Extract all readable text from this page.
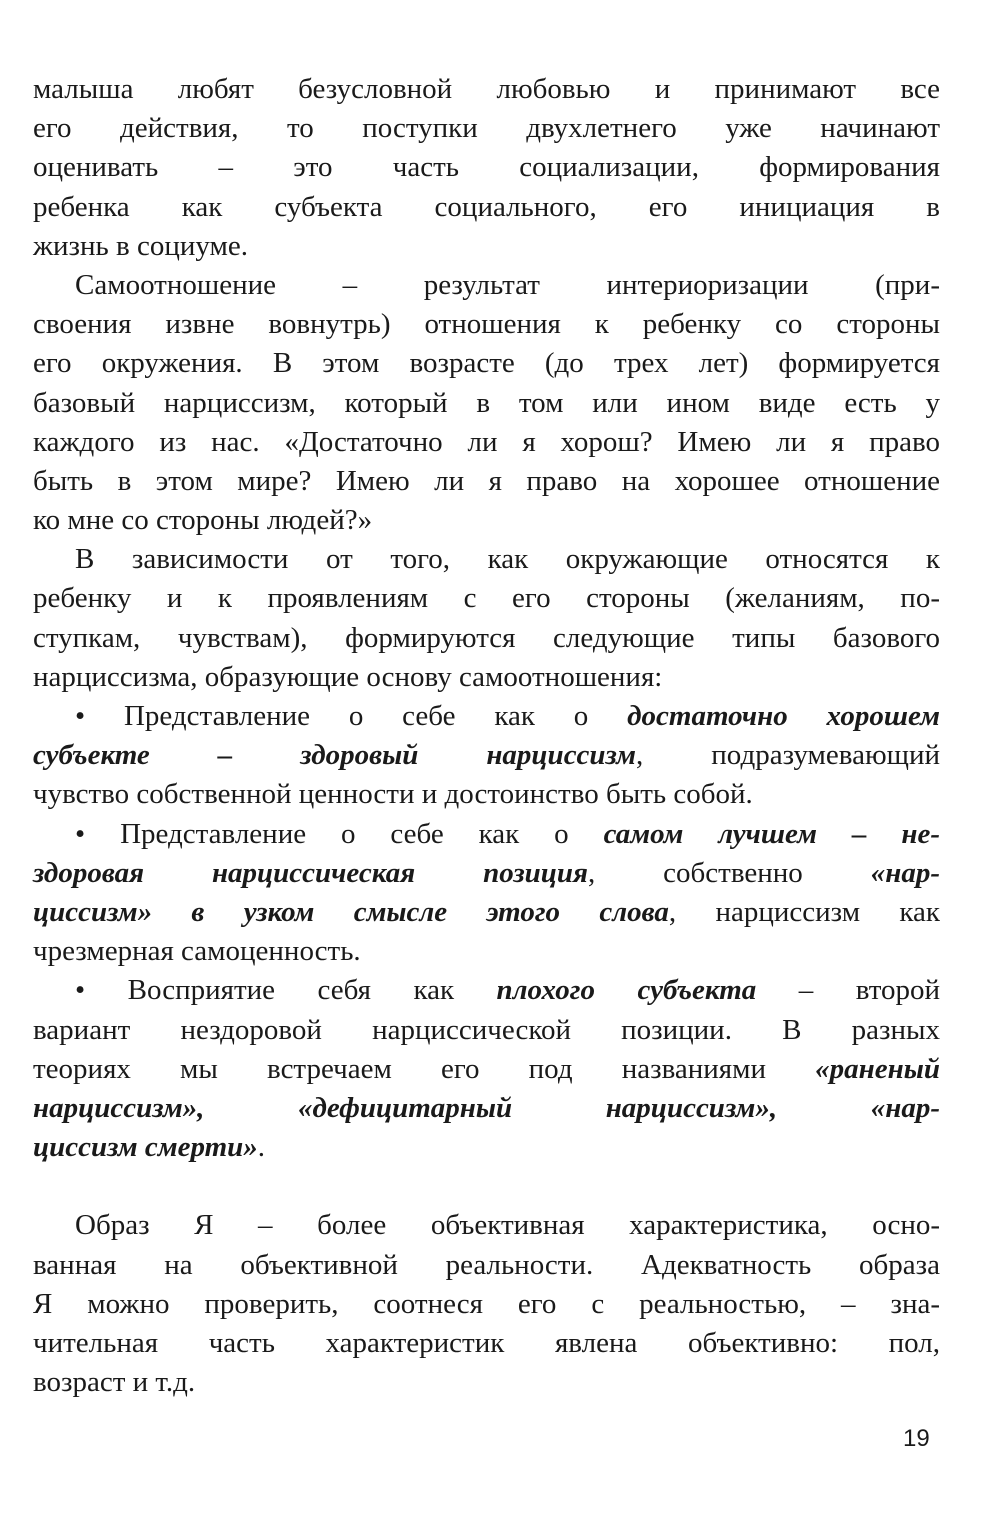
малыша любят безусловной любовью и принимают все
его действия, то поступки двухлетнего уже начинают
оценивать – это часть социализации, формирования
ребенка как субъекта социального, его инициация в
жизнь в социуме.
Самоотношение – результат интериоризации (при-
своения извне вовнутрь) отношения к ребенку со стороны
его окружения. В этом возрасте (до трех лет) формируется
базовый нарциссизм, который в том или ином виде есть у
каждого из нас. «Достаточно ли я хорош? Имею ли я право
быть в этом мире? Имею ли я право на хорошее отношение
ко мне со стороны людей?»
В зависимости от того, как окружающие относятся к
ребенку и к проявлениям с его стороны (желаниям, по-
ступкам, чувствам), формируются следующие типы базового
нарциссизма, образующие основу самоотношения:
• Представление о себе как о достаточно хорошем
субъекте – здоровый нарциссизм, подразумевающий
чувство собственной ценности и достоинство быть собой.
• Представление о себе как о самом лучшем – не-
здоровая нарциссическая позиция, собственно «нар-
циссизм» в узком смысле этого слова, нарциссизм как
чрезмерная самоценность.
• Восприятие себя как плохого субъекта – второй
вариант нездоровой нарциссической позиции. В разных
теориях мы встречаем его под названиями «раненый
нарциссизм», «дефицитарный нарциссизм», «нар-
циссизм смерти».
Образ Я – более объективная характеристика, осно-
ванная на объективной реальности. Адекватность образа
Я можно проверить, соотнеся его с реальностью, – зна-
чительная часть характеристик явлена объективно: пол,
возраст и т.д.
19
